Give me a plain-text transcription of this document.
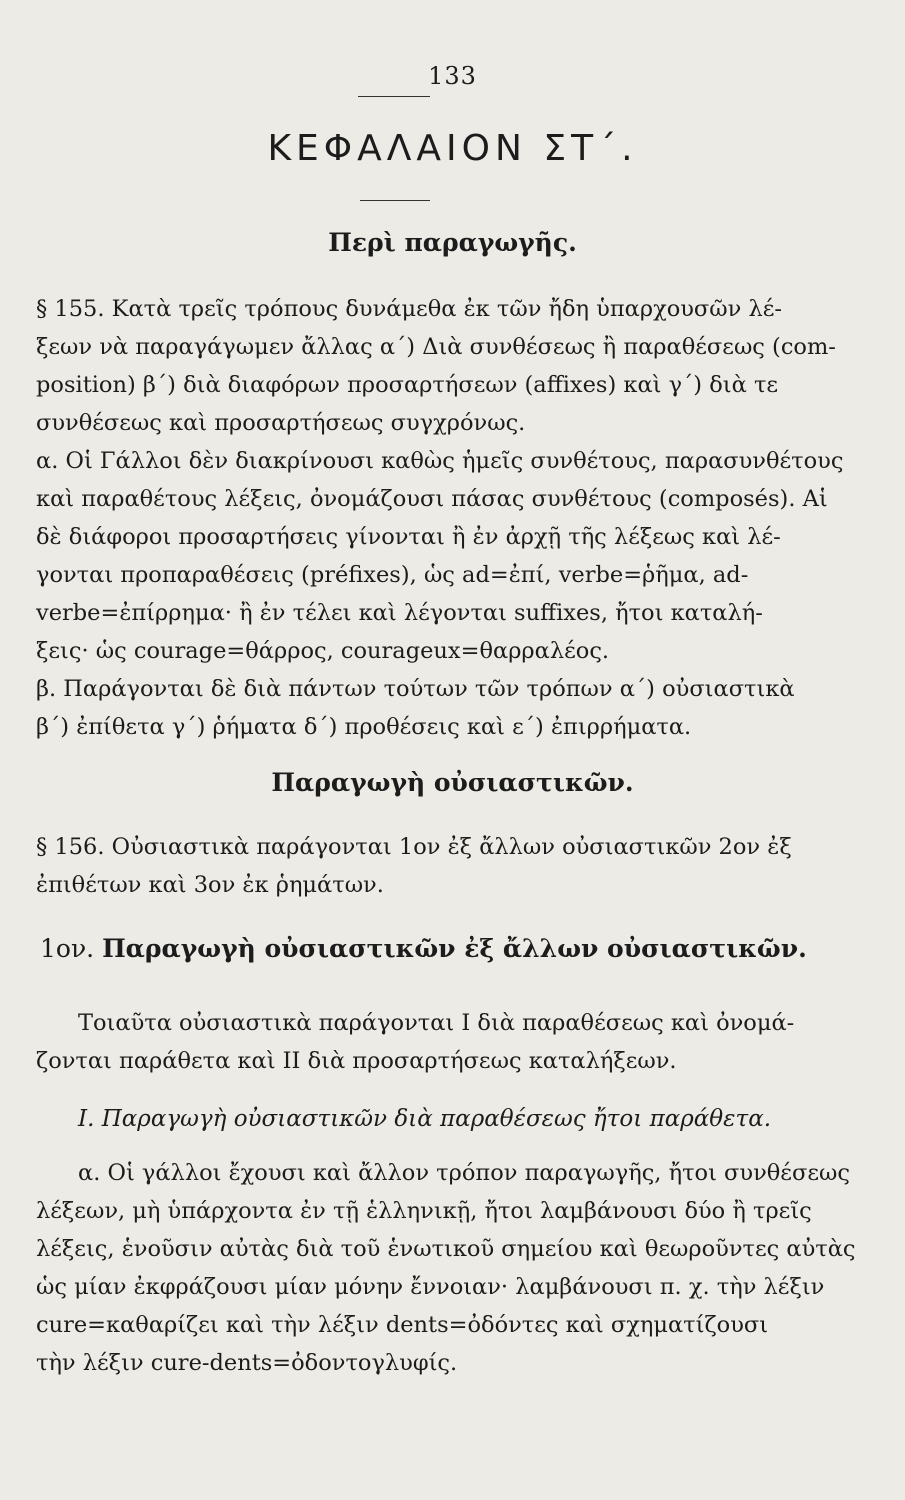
133
ΚΕΦΑΛΑΙΟΝ ΣΤ΄.
Περὶ παραγωγῆς.
§ 155. Κατὰ τρεῖς τρόπους δυνάμεθα ἐκ τῶν ἤδη ὑπαρχουσῶν λέ-
ξεων νὰ παραγάγωμεν ἄλλας α΄) Διὰ συνθέσεως ἢ παραθέσεως (com-
position) β΄) διὰ διαφόρων προσαρτήσεων (affixes) καὶ γ΄) διὰ τε
συνθέσεως καὶ προσαρτήσεως συγχρόνως.
α. Οἱ Γάλλοι δὲν διακρίνουσι καθὼς ἡμεῖς συνθέτους, παρασυνθέτους
καὶ παραθέτους λέξεις, ὀνομάζουσι πάσας συνθέτους (composés). Αἱ
δὲ διάφοροι προσαρτήσεις γίνονται ἢ ἐν ἀρχῇ τῆς λέξεως καὶ λέ-
γονται προπαραθέσεις (préfixes), ὡς ad=ἐπί, verbe=ῥῆμα, ad-
verbe=ἐπίρρημα· ἢ ἐν τέλει καὶ λέγονται suffixes, ἤτοι καταλή-
ξεις· ὡς courage=θάρρος, courageux=θαρραλέος.
β. Παράγονται δὲ διὰ πάντων τούτων τῶν τρόπων α΄) οὐσιαστικὰ
β΄) ἐπίθετα γ΄) ῥήματα δ΄) προθέσεις καὶ ε΄) ἐπιρρήματα.
Παραγωγὴ οὐσιαστικῶν.
§ 156. Οὐσιαστικὰ παράγονται 1ον ἐξ ἄλλων οὐσιαστικῶν 2ον ἐξ
ἐπιθέτων καὶ 3ον ἐκ ῥημάτων.
1ον. Παραγωγὴ οὐσιαστικῶν ἐξ ἄλλων οὐσιαστικῶν.
Τοιαῦτα οὐσιαστικὰ παράγονται I διὰ παραθέσεως καὶ ὀνομά-
ζονται παράθετα καὶ II διὰ προσαρτήσεως καταλήξεων.
I. Παραγωγὴ οὐσιαστικῶν διὰ παραθέσεως ἤτοι παράθετα.
α. Οἱ γάλλοι ἔχουσι καὶ ἄλλον τρόπον παραγωγῆς, ἤτοι συνθέσεως
λέξεων, μὴ ὑπάρχοντα ἐν τῇ ἑλληνικῇ, ἤτοι λαμβάνουσι δύο ἢ τρεῖς
λέξεις, ἑνοῦσιν αὐτὰς διὰ τοῦ ἑνωτικοῦ σημείου καὶ θεωροῦντες αὐτὰς
ὡς μίαν ἐκφράζουσι μίαν μόνην ἔννοιαν· λαμβάνουσι π. χ. τὴν λέξιν
cure=καθαρίζει καὶ τὴν λέξιν dents=ὀδόντες καὶ σχηματίζουσι
τὴν λέξιν cure-dents=ὀδοντογλυφίς.
